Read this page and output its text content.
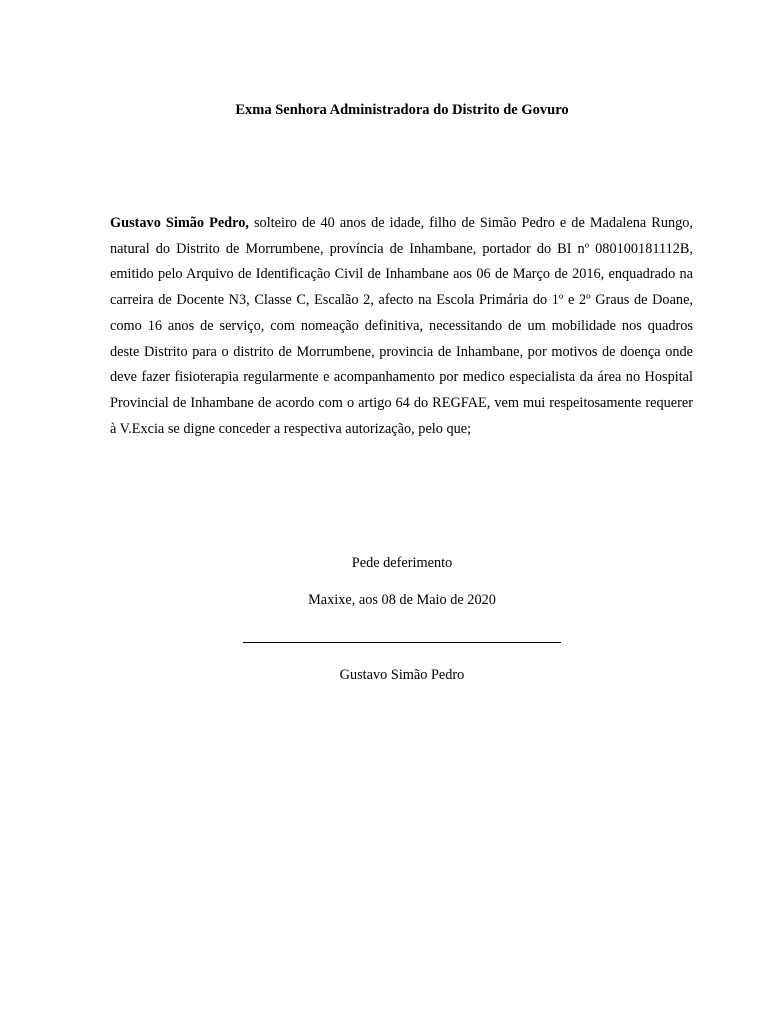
Exma Senhora Administradora do Distrito de Govuro

Gustavo Simão Pedro, solteiro de 40 anos de idade, filho de Simão Pedro e de Madalena Rungo, natural do Distrito de Morrumbene, província de Inhambane, portador do BI nº 080100181112B, emitido pelo Arquivo de Identificação Civil de Inhambane aos 06 de Março de 2016, enquadrado na carreira de Docente N3, Classe C, Escalão 2, afecto na Escola Primária do 1º e 2º Graus de Doane, como 16 anos de serviço, com nomeação definitiva, necessitando de um mobilidade nos quadros deste Distrito para o distrito de Morrumbene, provincia de Inhambane, por motivos de doença onde deve fazer fisioterapia regularmente e acompanhamento por medico especialista da área no Hospital Provincial de Inhambane de acordo com o artigo 64 do REGFAE, vem mui respeitosamente requerer à V.Excia se digne conceder a respectiva autorização, pelo que;

Pede deferimento
Maxixe, aos 08 de Maio de 2020
Gustavo Simão Pedro
